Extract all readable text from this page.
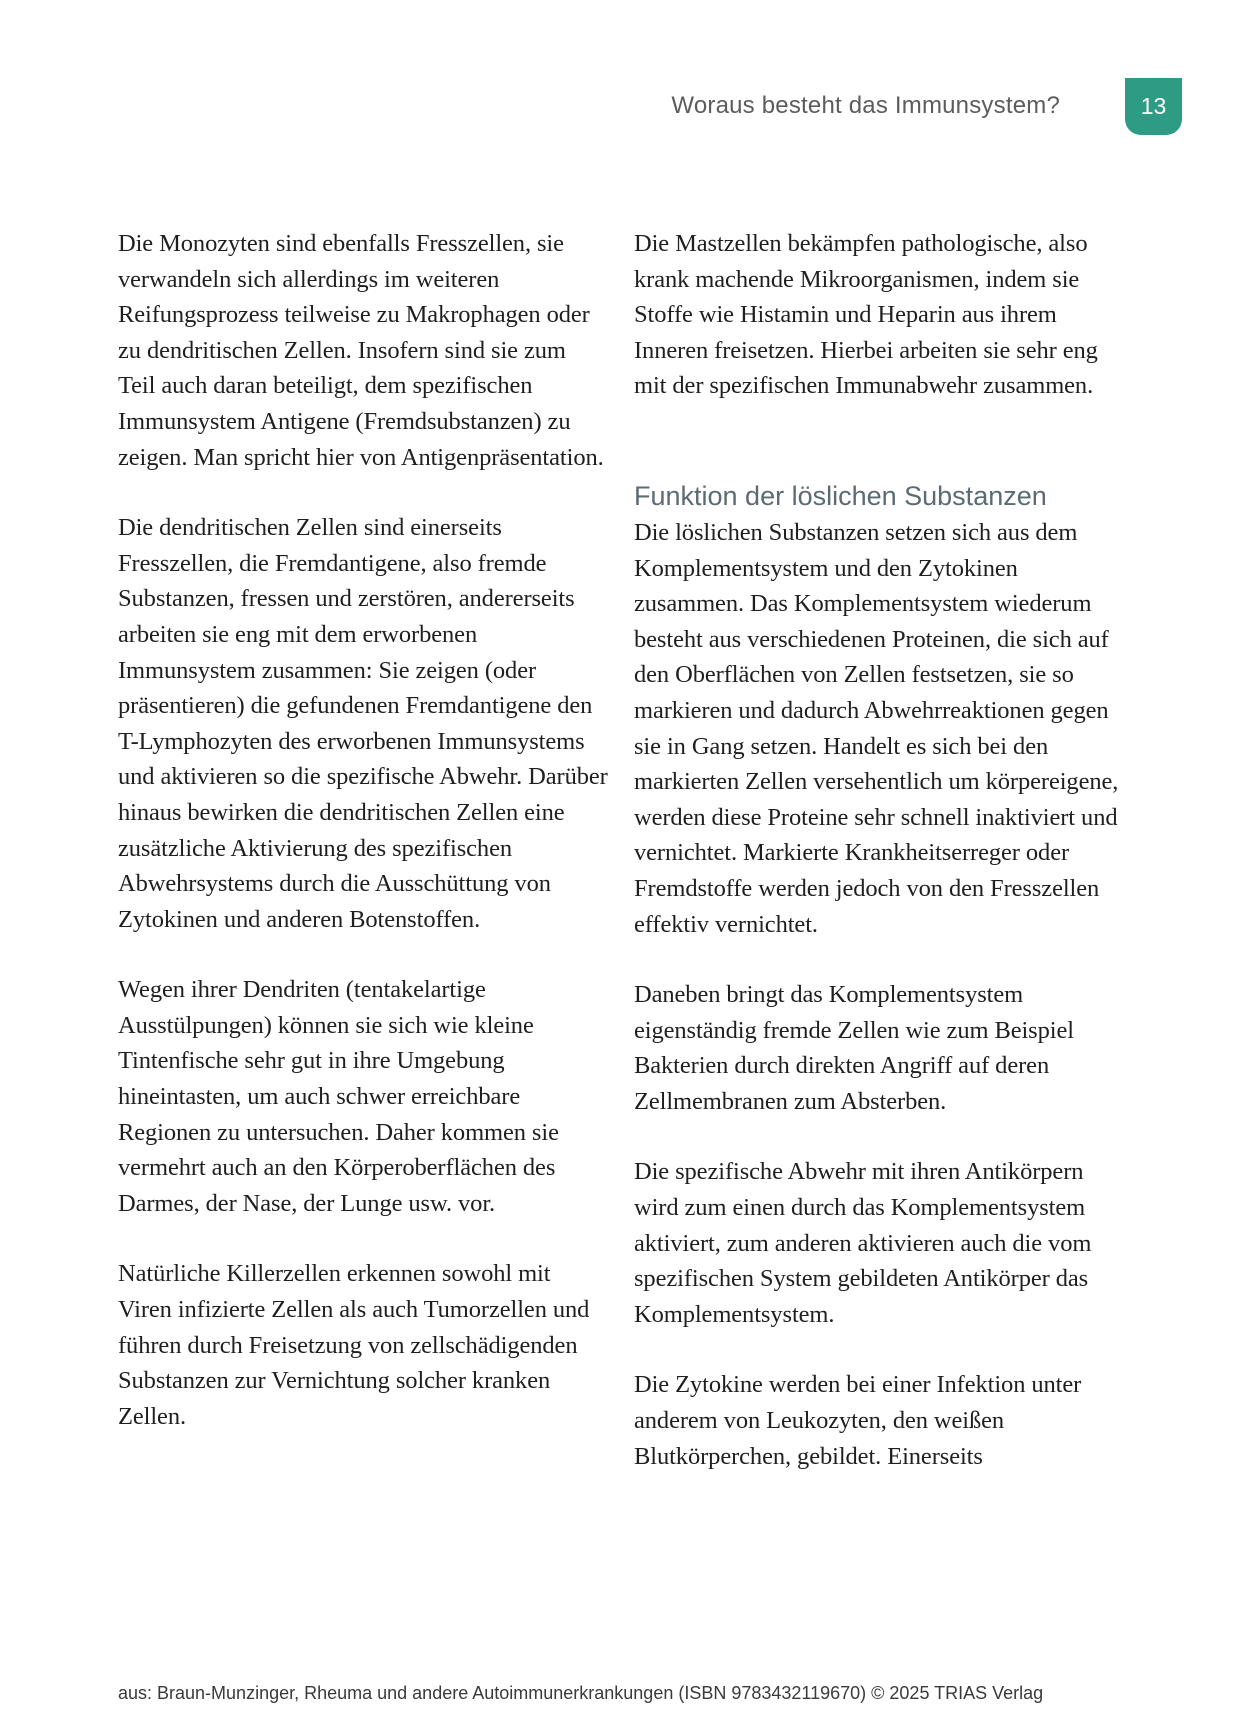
Woraus besteht das Immunsystem?	13

Die Monozyten sind ebenfalls Fresszellen, sie verwandeln sich allerdings im weiteren Reifungsprozess teilweise zu Makrophagen oder zu dendritischen Zellen. Insofern sind sie zum Teil auch daran beteiligt, dem spezifischen Immunsystem Antigene (Fremdsubstanzen) zu zeigen. Man spricht hier von Antigenpräsentation.

Die dendritischen Zellen sind einerseits Fresszellen, die Fremdantigene, also fremde Substanzen, fressen und zerstören, andererseits arbeiten sie eng mit dem erworbenen Immunsystem zusammen: Sie zeigen (oder präsentieren) die gefundenen Fremdantigene den T-Lymphozyten des erworbenen Immunsystems und aktivieren so die spezifische Abwehr. Darüber hinaus bewirken die dendritischen Zellen eine zusätzliche Aktivierung des spezifischen Abwehrsystems durch die Ausschüttung von Zytokinen und anderen Botenstoffen.

Wegen ihrer Dendriten (tentakelartige Ausstülpungen) können sie sich wie kleine Tintenfische sehr gut in ihre Umgebung hineintasten, um auch schwer erreichbare Regionen zu untersuchen. Daher kommen sie vermehrt auch an den Körperoberflächen des Darmes, der Nase, der Lunge usw. vor.

Natürliche Killerzellen erkennen sowohl mit Viren infizierte Zellen als auch Tumorzellen und führen durch Freisetzung von zellschädigenden Substanzen zur Vernichtung solcher kranken Zellen.

Die Mastzellen bekämpfen pathologische, also krank machende Mikroorganismen, indem sie Stoffe wie Histamin und Heparin aus ihrem Inneren freisetzen. Hierbei arbeiten sie sehr eng mit der spezifischen Immunabwehr zusammen.

Funktion der löslichen Substanzen

Die löslichen Substanzen setzen sich aus dem Komplementsystem und den Zytokinen zusammen. Das Komplementsystem wiederum besteht aus verschiedenen Proteinen, die sich auf den Oberflächen von Zellen festsetzen, sie so markieren und dadurch Abwehrreaktionen gegen sie in Gang setzen. Handelt es sich bei den markierten Zellen versehentlich um körpereigene, werden diese Proteine sehr schnell inaktiviert und vernichtet. Markierte Krankheitserreger oder Fremdstoffe werden jedoch von den Fresszellen effektiv vernichtet.

Daneben bringt das Komplementsystem eigenständig fremde Zellen wie zum Beispiel Bakterien durch direkten Angriff auf deren Zellmembranen zum Absterben.

Die spezifische Abwehr mit ihren Antikörpern wird zum einen durch das Komplementsystem aktiviert, zum anderen aktivieren auch die vom spezifischen System gebildeten Antikörper das Komplementsystem.

Die Zytokine werden bei einer Infektion unter anderem von Leukozyten, den weißen Blutkörperchen, gebildet. Einerseits

aus: Braun-Munzinger, Rheuma und andere Autoimmunerkrankungen (ISBN 9783432119670) © 2025 TRIAS Verlag
